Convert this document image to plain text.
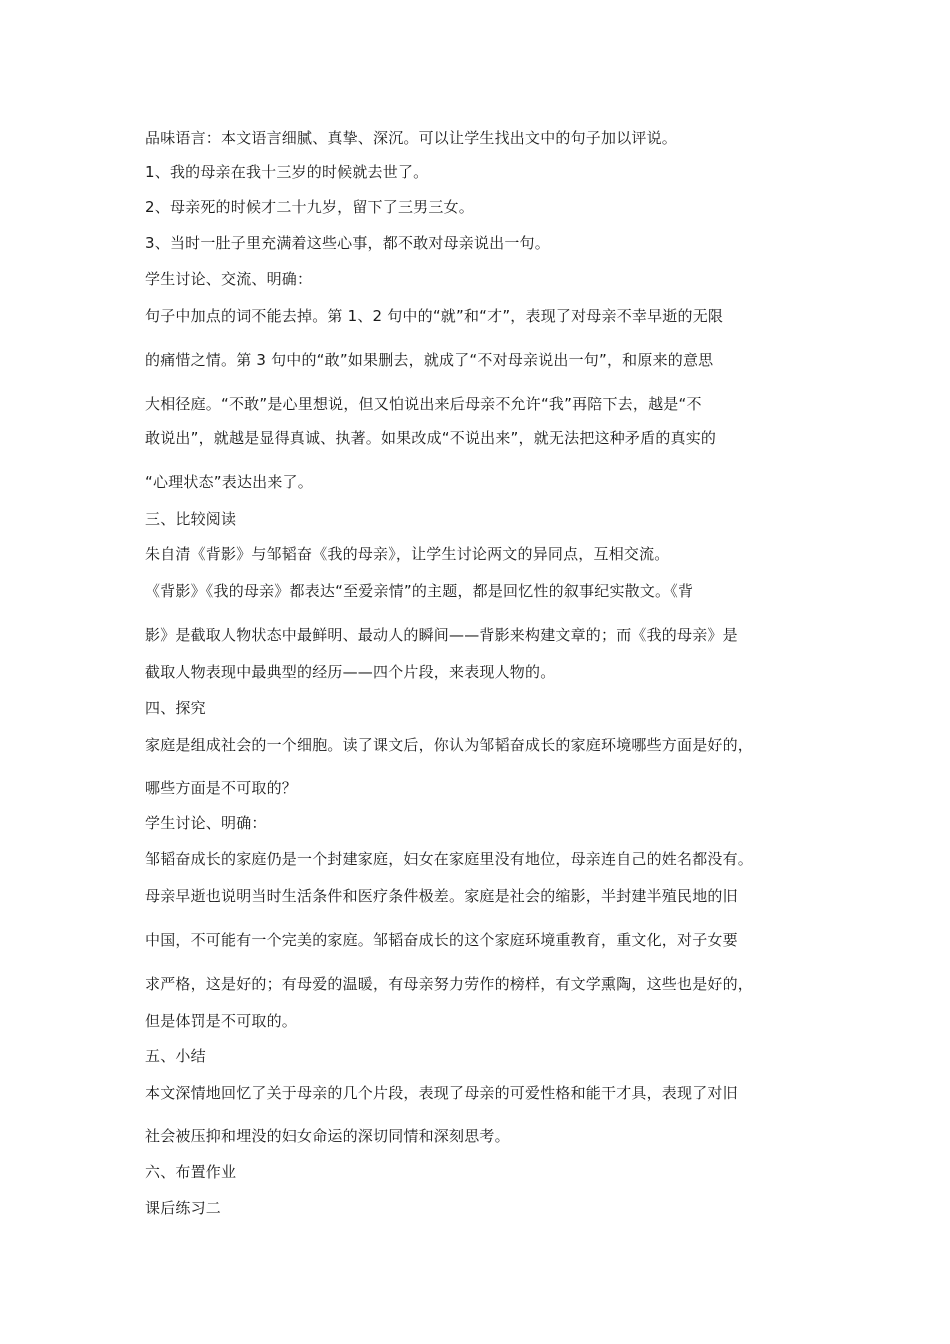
品味语言：本文语言细腻、真挚、深沉。可以让学生找出文中的句子加以评说。
1、我的母亲在我十三岁的时候就去世了。
2、母亲死的时候才二十九岁，留下了三男三女。
3、当时一肚子里充满着这些心事，都不敢对母亲说出一句。
学生讨论、交流、明确：
句子中加点的词不能去掉。第 1、2 句中的“就”和“才”，表现了对母亲不幸早逝的无限
的痛惜之情。第 3 句中的“敢”如果删去，就成了“不对母亲说出一句”，和原来的意思
大相径庭。“不敢”是心里想说，但又怕说出来后母亲不允许“我”再陪下去，越是“不
敢说出”，就越是显得真诚、执著。如果改成“不说出来”，就无法把这种矛盾的真实的
“心理状态”表达出来了。
三、比较阅读
朱自清《背影》与邹韬奋《我的母亲》，让学生讨论两文的异同点，互相交流。
《背影》《我的母亲》都表达“至爱亲情”的主题，都是回忆性的叙事纪实散文。《背
影》是截取人物状态中最鲜明、最动人的瞬间——背影来构建文章的；而《我的母亲》是
截取人物表现中最典型的经历——四个片段，来表现人物的。
四、探究
家庭是组成社会的一个细胞。读了课文后，你认为邹韬奋成长的家庭环境哪些方面是好的，
哪些方面是不可取的？
学生讨论、明确：
邹韬奋成长的家庭仍是一个封建家庭，妇女在家庭里没有地位，母亲连自己的姓名都没有。
母亲早逝也说明当时生活条件和医疗条件极差。家庭是社会的缩影，半封建半殖民地的旧
中国，不可能有一个完美的家庭。邹韬奋成长的这个家庭环境重教育，重文化，对子女要
求严格，这是好的；有母爱的温暖，有母亲努力劳作的榜样，有文学熏陶，这些也是好的，
但是体罚是不可取的。
五、小结
本文深情地回忆了关于母亲的几个片段，表现了母亲的可爱性格和能干才具，表现了对旧
社会被压抑和埋没的妇女命运的深切同情和深刻思考。
六、布置作业
课后练习二
